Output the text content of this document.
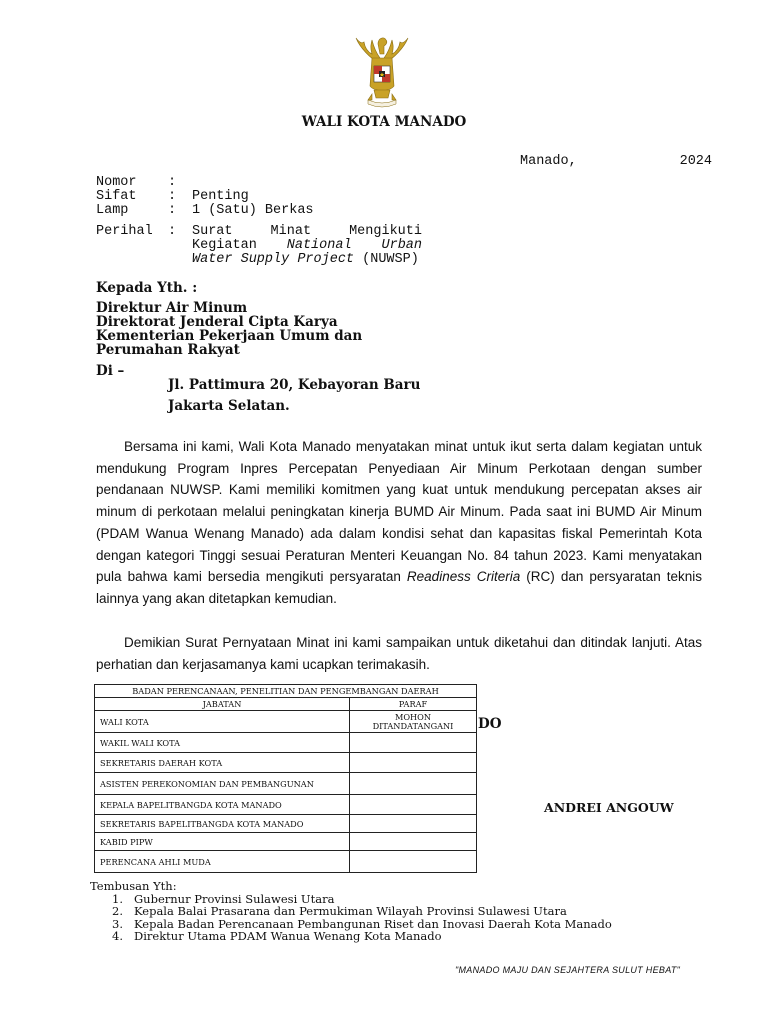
WALI KOTA MANADO
Manado,	2024
Nomor	:
Sifat	: Penting
Lamp	: 1 (Satu) Berkas
Perihal	: Surat Minat Mengikuti Kegiatan National Urban Water Supply Project (NUWSP)
Kepada Yth. :
Direktur Air Minum
Direktorat Jenderal Cipta Karya
Kementerian Pekerjaan Umum dan
Perumahan Rakyat
Di –
Jl. Pattimura 20, Kebayoran Baru
Jakarta Selatan.
Bersama ini kami, Wali Kota Manado menyatakan minat untuk ikut serta dalam kegiatan untuk mendukung Program Inpres Percepatan Penyediaan Air Minum Perkotaan dengan sumber pendanaan NUWSP. Kami memiliki komitmen yang kuat untuk mendukung percepatan akses air minum di perkotaan melalui peningkatan kinerja BUMD Air Minum. Pada saat ini BUMD Air Minum (PDAM Wanua Wenang Manado) ada dalam kondisi sehat dan kapasitas fiskal Pemerintah Kota dengan kategori Tinggi sesuai Peraturan Menteri Keuangan No. 84 tahun 2023. Kami menyatakan pula bahwa kami bersedia mengikuti persyaratan Readiness Criteria (RC) dan persyaratan teknis lainnya yang akan ditetapkan kemudian.
Demikian Surat Pernyataan Minat ini kami sampaikan untuk diketahui dan ditindak lanjuti. Atas perhatian dan kerjasamanya kami ucapkan terimakasih.
BADAN PERENCANAAN, PENELITIAN DAN PENGEMBANGAN DAERAH	
JABATAN	PARAF
WALI KOTA	MOHON DITANDATANGANI
WAKIL WALI KOTA	
SEKRETARIS DAERAH KOTA	
ASISTEN PEREKONOMIAN DAN PEMBANGUNAN	
KEPALA BAPELITBANGDA KOTA MANADO	
SEKRETARIS BAPELITBANGDA KOTA MANADO	
KABID PIPW	
PERENCANA AHLI MUDA	
DO
ANDREI ANGOUW
Tembusan Yth:
1. Gubernur Provinsi Sulawesi Utara
2. Kepala Balai Prasarana dan Permukiman Wilayah Provinsi Sulawesi Utara
3. Kepala Badan Perencanaan Pembangunan Riset dan Inovasi Daerah Kota Manado
4. Direktur Utama PDAM Wanua Wenang Kota Manado
"MANADO MAJU DAN SEJAHTERA SULUT HEBAT"
